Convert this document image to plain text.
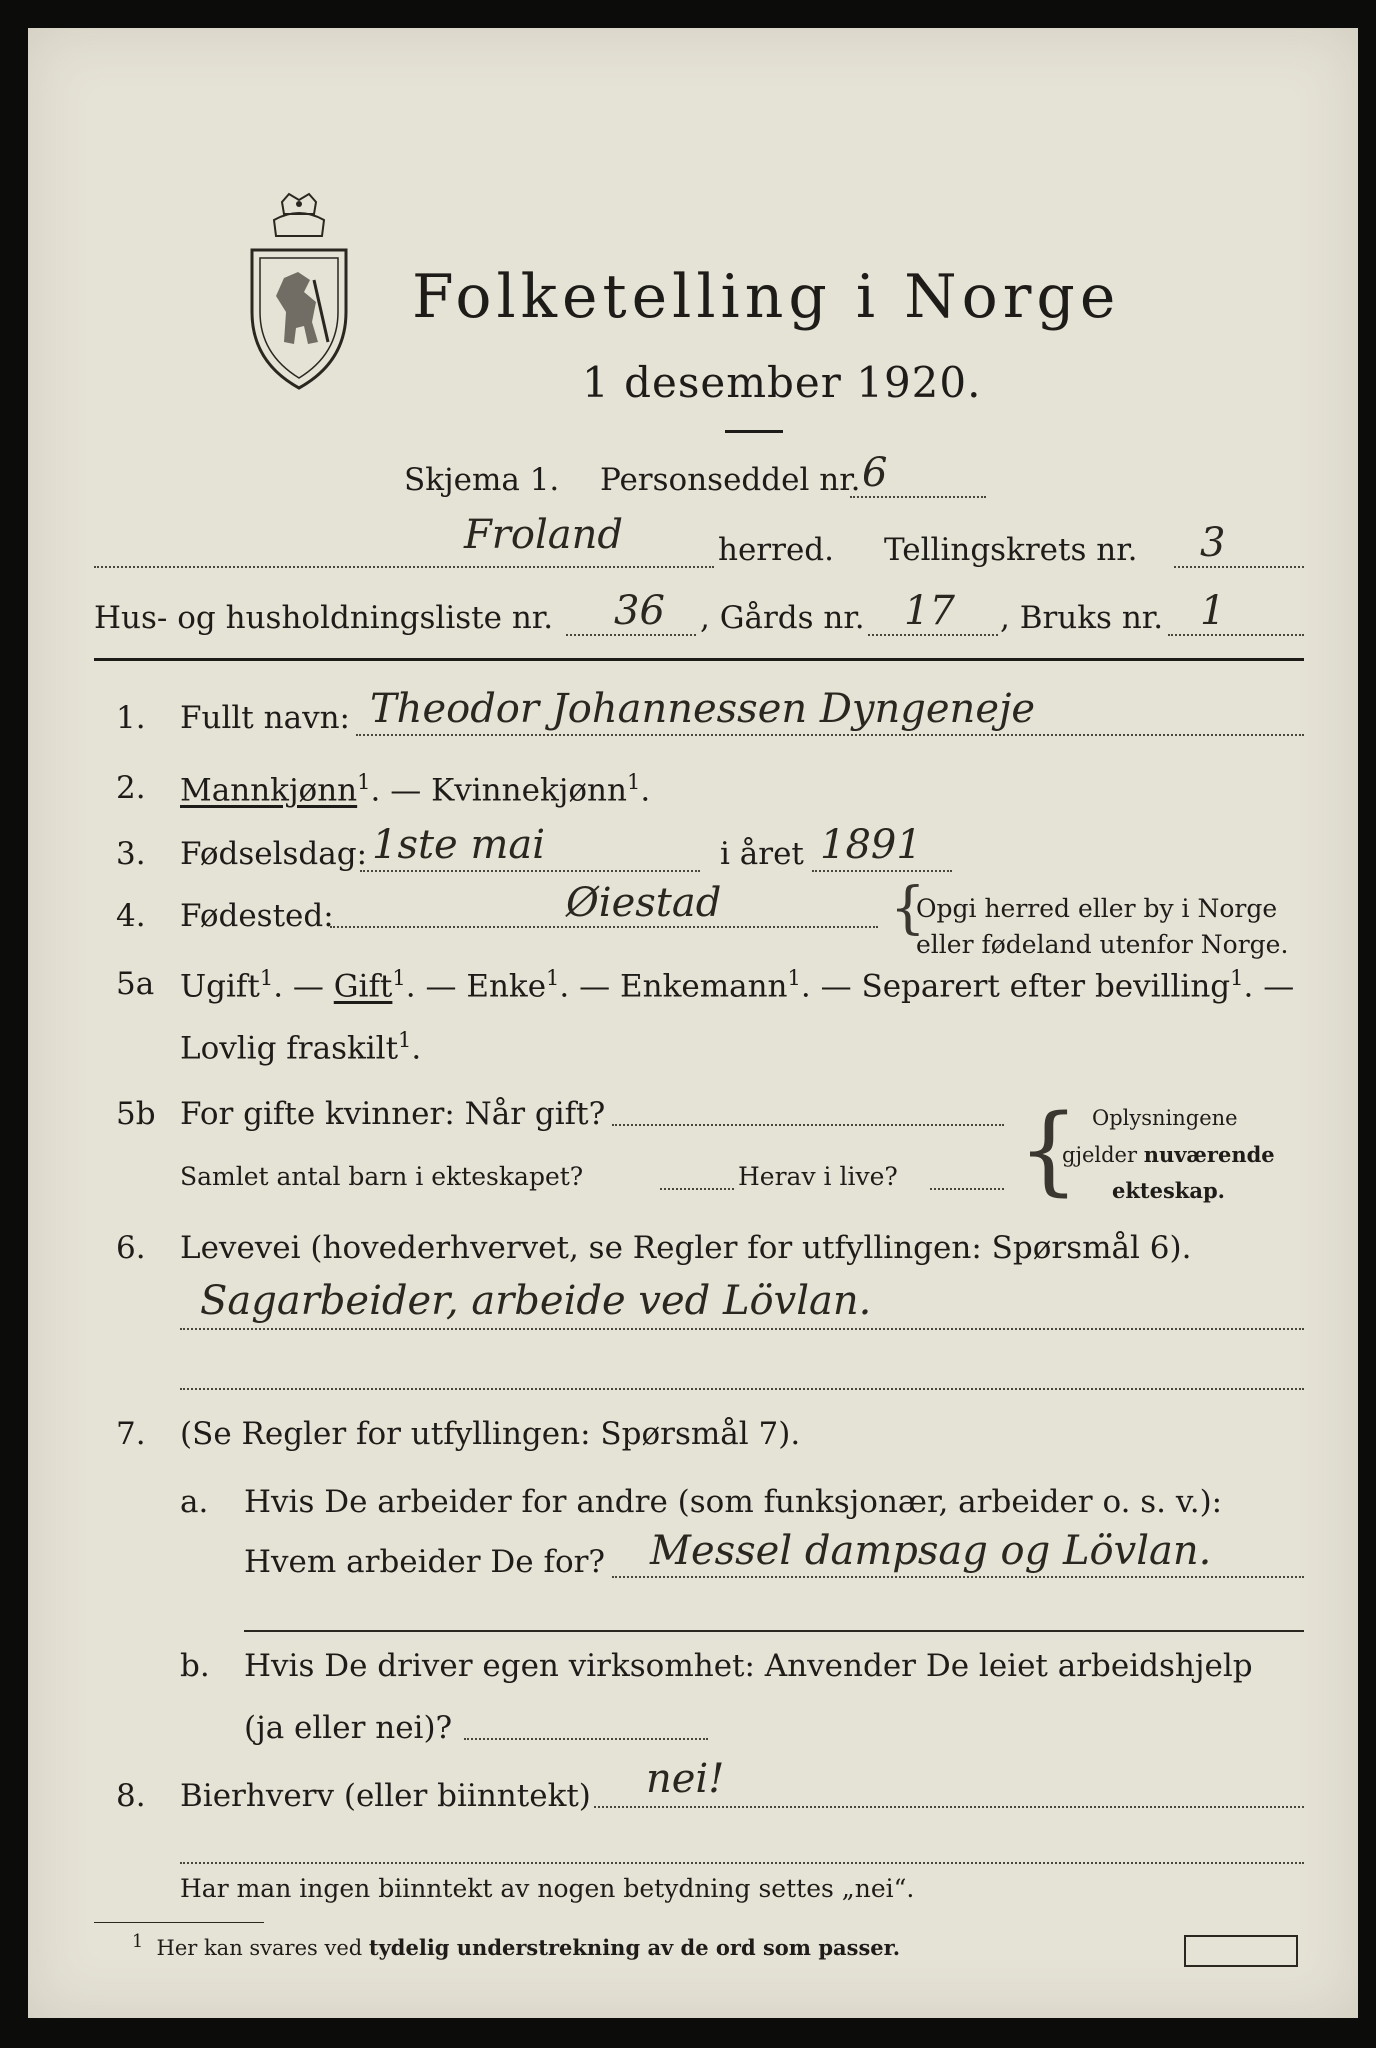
Folketelling i Norge
1 desember 1920.
Skjema 1. Personseddel nr. 6
Froland	herred. Tellingskrets nr. 3
Hus- og husholdningsliste nr. 36 , Gårds nr. 17 , Bruks nr. 1
1. Fullt navn: Theodor Johannessen Dyngeneje
2. Mannkjønn$^1$. — Kvinnekjønn$^1$.
3. Fødselsdag: 1ste mai	i året 1891
4. Fødested:	Øiestad	{
Opgi herred eller by i Norge
eller fødeland utenfor Norge.
5a Ugift$^1$. — Gift$^1$. — Enke$^1$. — Enkemann$^1$. — Separert efter bevilling$^1$. —
Lovlig fraskilt$^1$.
5b For gifte kvinner: Når gift?
Samlet antal barn i ekteskapet?	Herav i live? { Oplysningene
gjelder nuværende
ekteskap.
6. Levevei (hovederhvervet, se Regler for utfyllingen: Spørsmål 6).
Sagarbeider, arbeide ved Lövlan.
7. (Se Regler for utfyllingen: Spørsmål 7).
a. Hvis De arbeider for andre (som funksjonær, arbeider o. s. v.):
Hvem arbeider De for? Messel dampsag og Lövlan.
b. Hvis De driver egen virksomhet: Anvender De leiet arbeidshjelp
(ja eller nei)?
8. Bierhverv (eller biinntekt) nei!
Har man ingen biinntekt av nogen betydning settes „nei“.
$^1$ Her kan svares ved tydelig understrekning av de ord som passer.
